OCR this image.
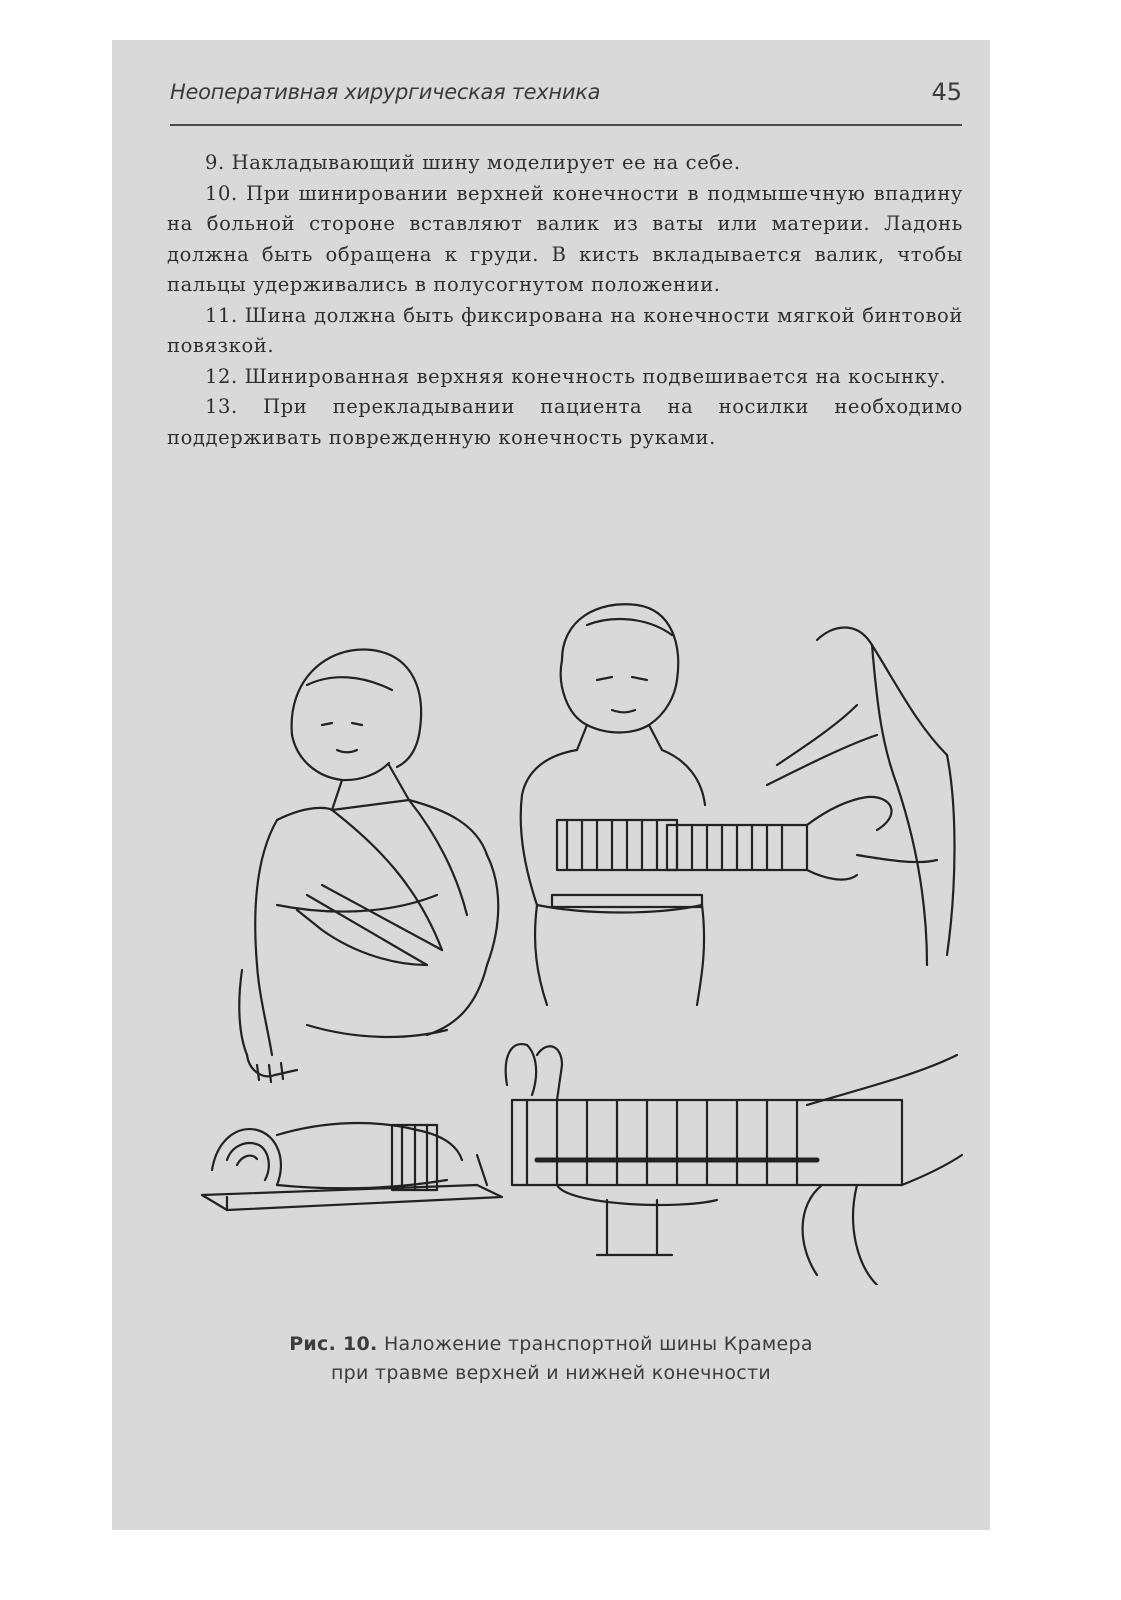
Неоперативная хирургическая техника	45

9. Накладывающий шину моделирует ее на себе.

10. При шинировании верхней конечности в подмышечную впадину на больной стороне вставляют валик из ваты или материи. Ладонь должна быть обращена к груди. В кисть вкладывается валик, чтобы пальцы удерживались в полусогнутом положении.

11. Шина должна быть фиксирована на конечности мягкой бинтовой повязкой.

12. Шинированная верхняя конечность подвешивается на косынку.

13. При перекладывании пациента на носилки необходимо поддерживать поврежденную конечность руками.

Рис. 10. Наложение транспортной шины Крамера
при травме верхней и нижней конечности
